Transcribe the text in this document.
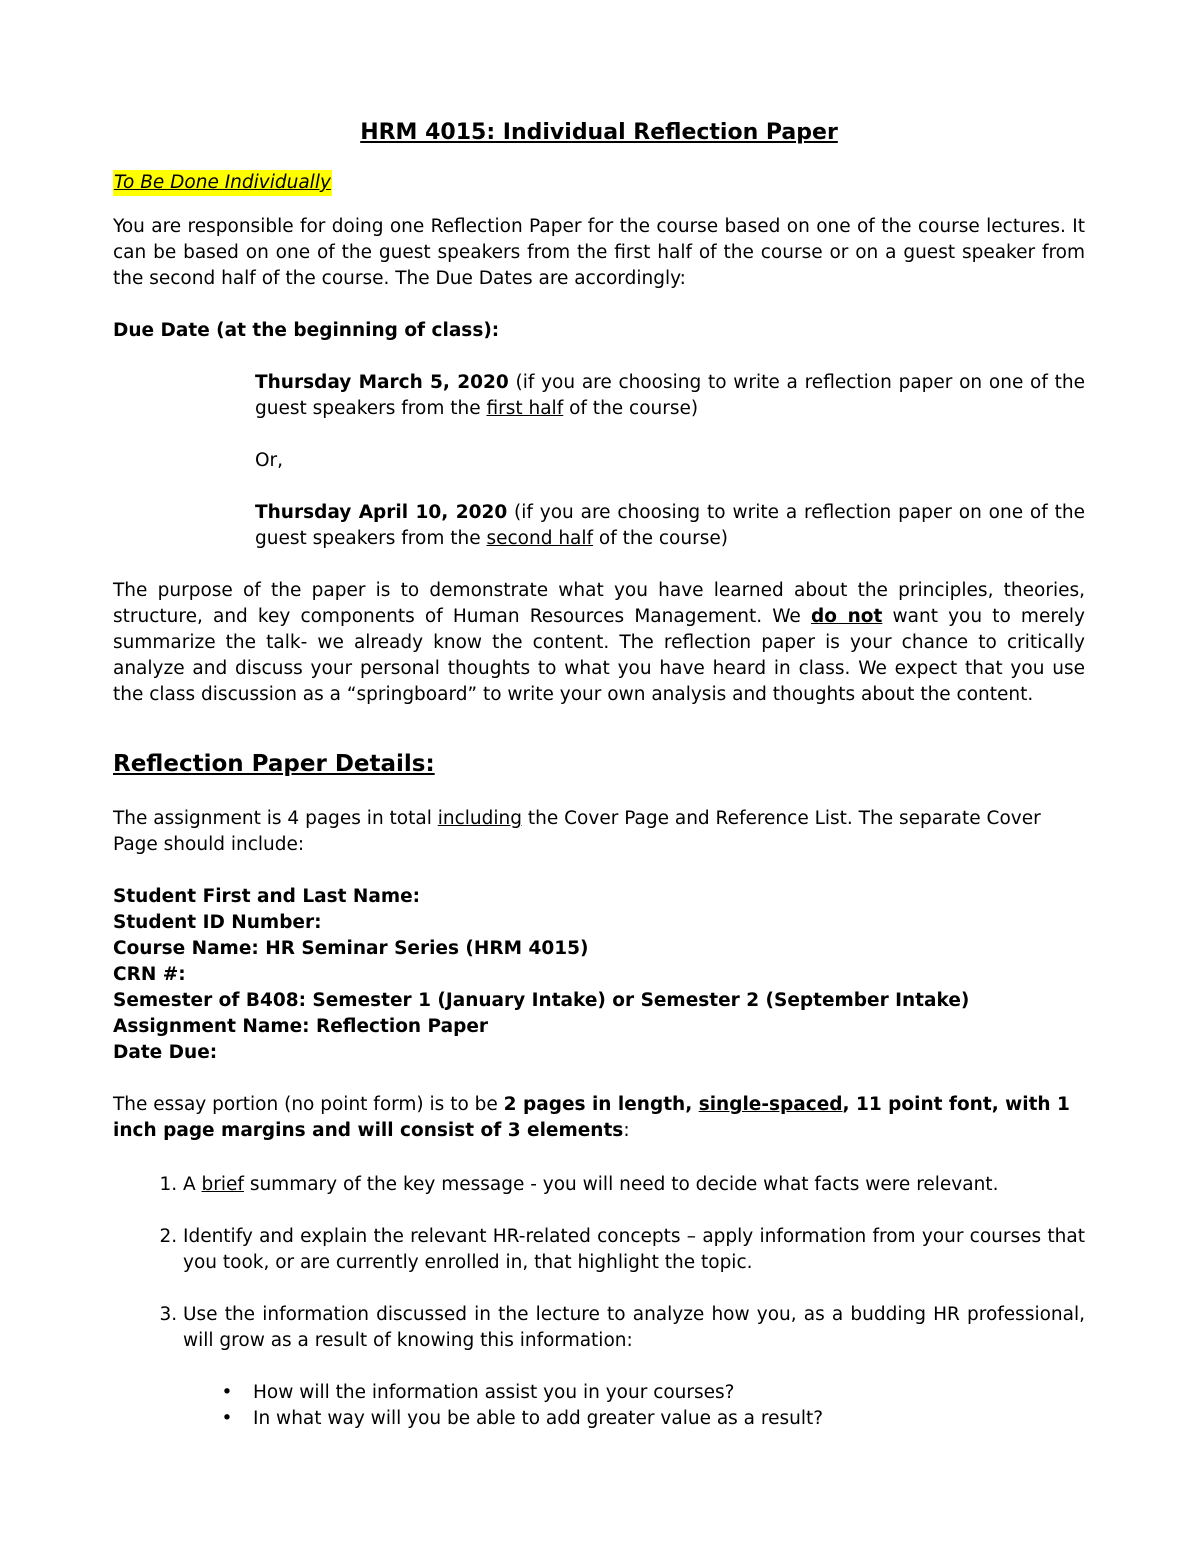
HRM 4015: Individual Reflection Paper
To Be Done Individually

You are responsible for doing one Reflection Paper for the course based on one of the course lectures. It can be based on one of the guest speakers from the first half of the course or on a guest speaker from the second half of the course. The Due Dates are accordingly:

Due Date (at the beginning of class):

Thursday March 5, 2020 (if you are choosing to write a reflection paper on one of the guest speakers from the first half of the course)

Or,

Thursday April 10, 2020 (if you are choosing to write a reflection paper on one of the guest speakers from the second half of the course)

The purpose of the paper is to demonstrate what you have learned about the principles, theories, structure, and key components of Human Resources Management. We do not want you to merely summarize the talk- we already know the content. The reflection paper is your chance to critically analyze and discuss your personal thoughts to what you have heard in class. We expect that you use the class discussion as a “springboard” to write your own analysis and thoughts about the content.

Reflection Paper Details:

The assignment is 4 pages in total including the Cover Page and Reference List. The separate Cover Page should include:

Student First and Last Name:
Student ID Number:
Course Name: HR Seminar Series (HRM 4015)
CRN #:
Semester of B408: Semester 1 (January Intake) or Semester 2 (September Intake)
Assignment Name: Reflection Paper
Date Due:

The essay portion (no point form) is to be 2 pages in length, single-spaced, 11 point font, with 1 inch page margins and will consist of 3 elements:

1. A brief summary of the key message - you will need to decide what facts were relevant.
2. Identify and explain the relevant HR-related concepts – apply information from your courses that you took, or are currently enrolled in, that highlight the topic.
3. Use the information discussed in the lecture to analyze how you, as a budding HR professional, will grow as a result of knowing this information:
• How will the information assist you in your courses?
• In what way will you be able to add greater value as a result?
